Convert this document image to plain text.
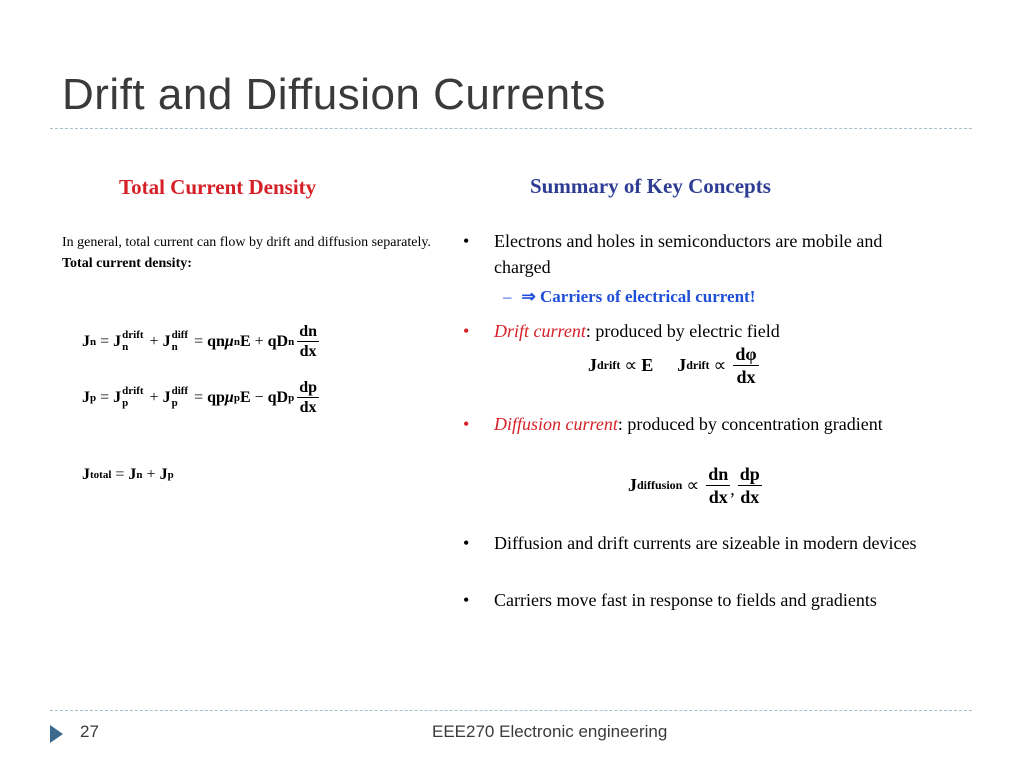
Drift and Diffusion Currents
Total Current Density
In general, total current can flow by drift and diffusion separately. Total current density:
J n = J drift
n	+ J diff
n	= qn μ n E + qD n $\frac{dn}{dx}$
J p = J drift
p	+ J diff
p	= qp μ p E − qD p $\frac{dp}{dx}$
J total = J n + J p
Summary of Key Concepts
•	Electrons and holes in semiconductors are mobile and charged
•	Drift current: produced by electric field
•	Diffusion current: produced by concentration gradient
•	Diffusion and drift currents are sizeable in modern devices
•	Carriers move fast in response to fields and gradients
– ⇒ Carriers of electrical current!
J drift ∝ E J drift ∝ $\frac{d\varphi}{dx}$
J diffusion ∝ $\frac{dn}{dx}$ , $\frac{dp}{dx}$
27	EEE270 Electronic engineering
